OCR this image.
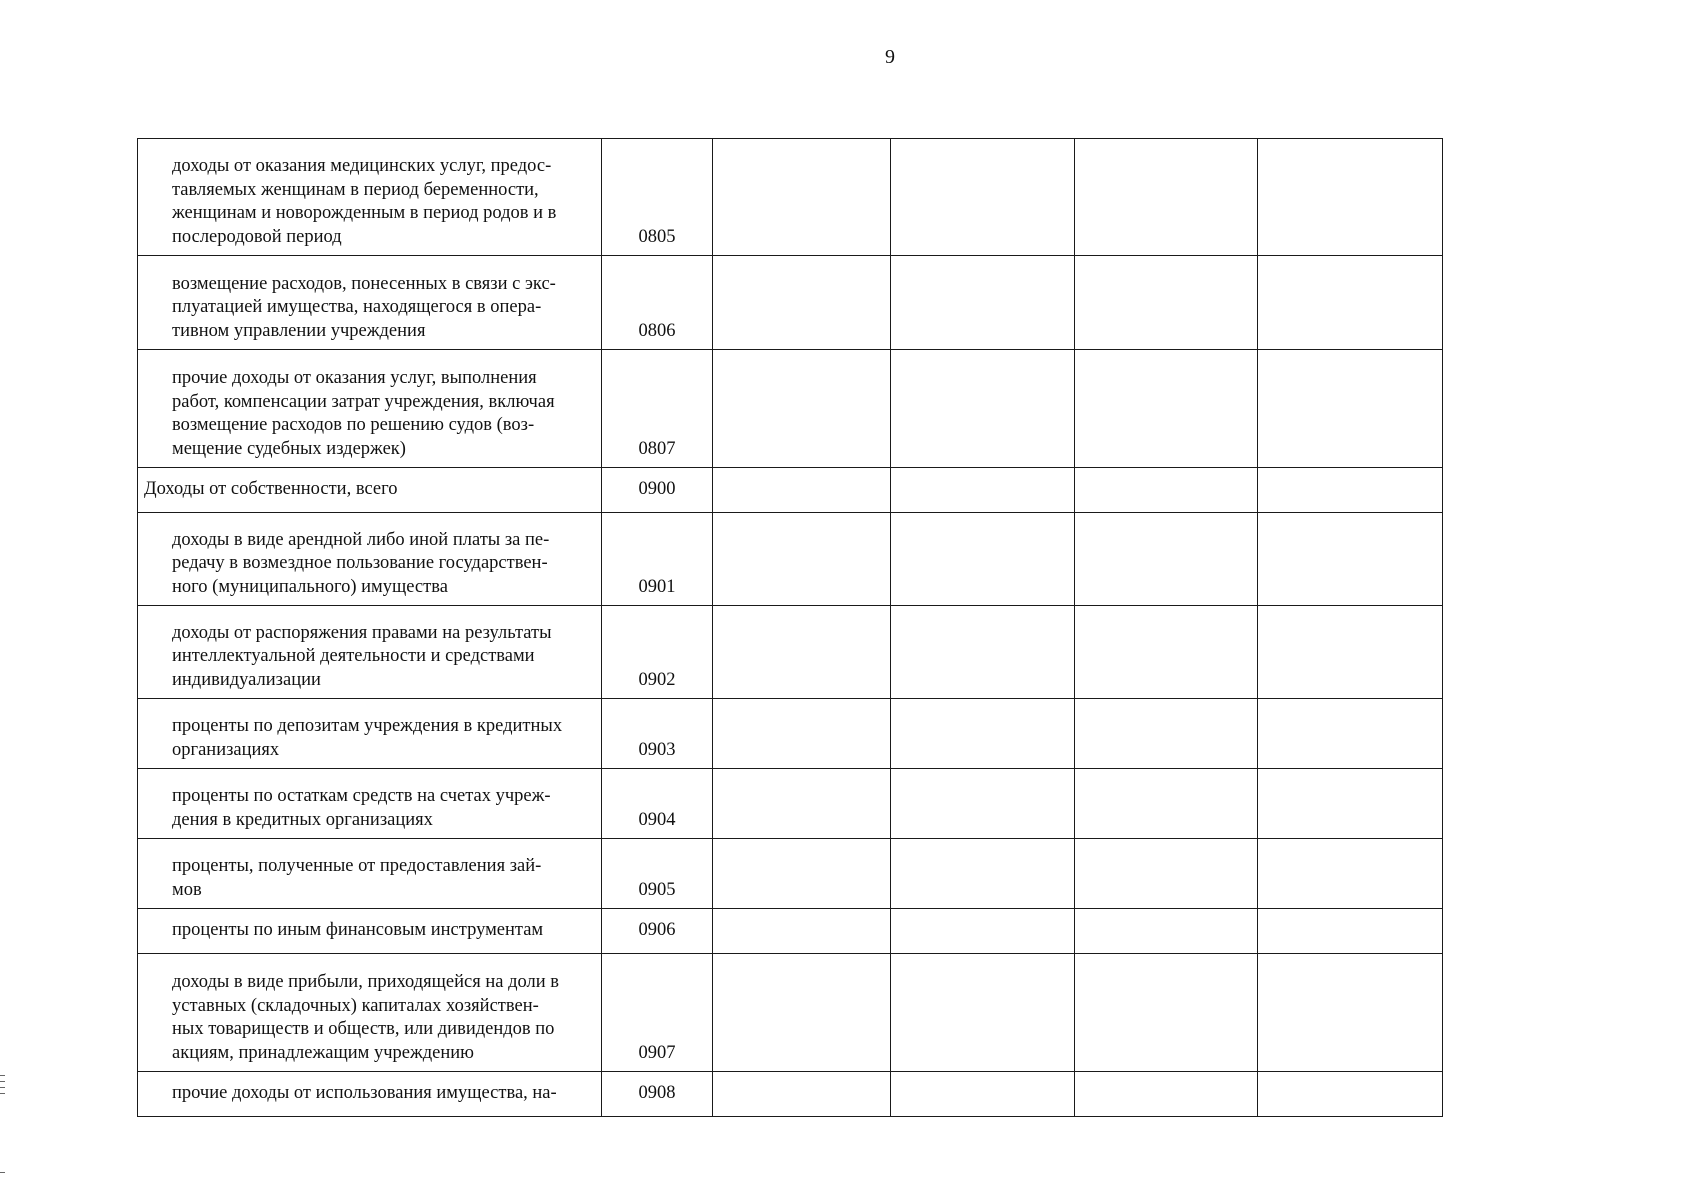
9
доходы от оказания медицинских услуг, предос-
тавляемых женщинам в период беременности,
женщинам и новорожденным в период родов и в
послеродовой период	0805				

возмещение расходов, понесенных в связи с экс-
плуатацией имущества, находящегося в опера-
тивном управлении учреждения	0806				

прочие доходы от оказания услуг, выполнения
работ, компенсации затрат учреждения, включая
возмещение расходов по решению судов (воз-
мещение судебных издержек)	0807				

Доходы от собственности, всего	0900				

доходы в виде арендной либо иной платы за пе-
редачу в возмездное пользование государствен-
ного (муниципального) имущества	0901				

доходы от распоряжения правами на результаты
интеллектуальной деятельности и средствами
индивидуализации	0902				

проценты по депозитам учреждения в кредитных
организациях	0903				

проценты по остаткам средств на счетах учреж-
дения в кредитных организациях	0904				

проценты, полученные от предоставления зай-
мов	0905				

проценты по иным финансовым инструментам	0906				

доходы в виде прибыли, приходящейся на доли в
уставных (складочных) капиталах хозяйствен-
ных товариществ и обществ, или дивидендов по
акциям, принадлежащим учреждению	0907				

прочие доходы от использования имущества, на-	0908				
